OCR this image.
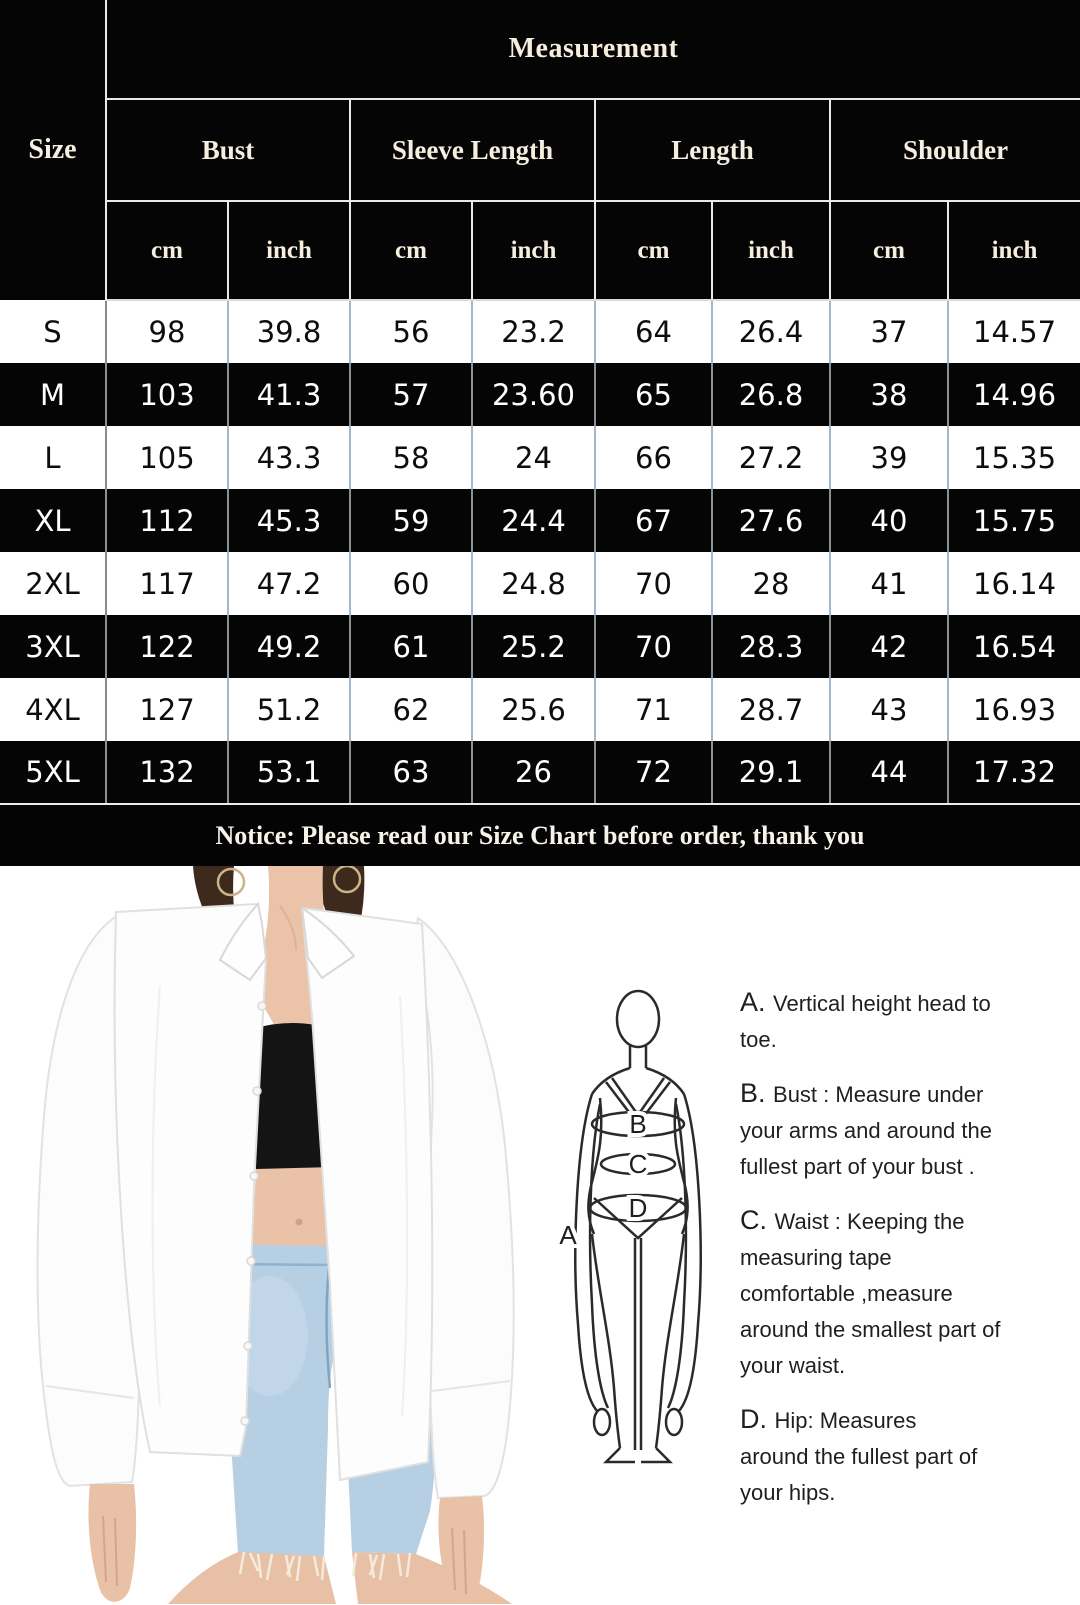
Size	Measurement							
	Bust		Sleeve Length		Length		Shoulder	
	cm	inch	cm	inch	cm	inch	cm	inch
S	98	39.8	56	23.2	64	26.4	37	14.57
M	103	41.3	57	23.60	65	26.8	38	14.96
L	105	43.3	58	24	66	27.2	39	15.35
XL	112	45.3	59	24.4	67	27.6	40	15.75
2XL	117	47.2	60	24.8	70	28	41	16.14
3XL	122	49.2	61	25.2	70	28.3	42	16.54
4XL	127	51.2	62	25.6	71	28.7	43	16.93
5XL	132	53.1	63	26	72	29.1	44	17.32
Notice: Please read our Size Chart before order, thank you
B
C
D
A

A. Vertical height head to
toe.

B. Bust : Measure under
your arms and around the
fullest part of your bust .

C. Waist : Keeping the
measuring tape
comfortable ,measure
around the smallest part of
your waist.

D. Hip: Measures
around the fullest part of
your hips.
